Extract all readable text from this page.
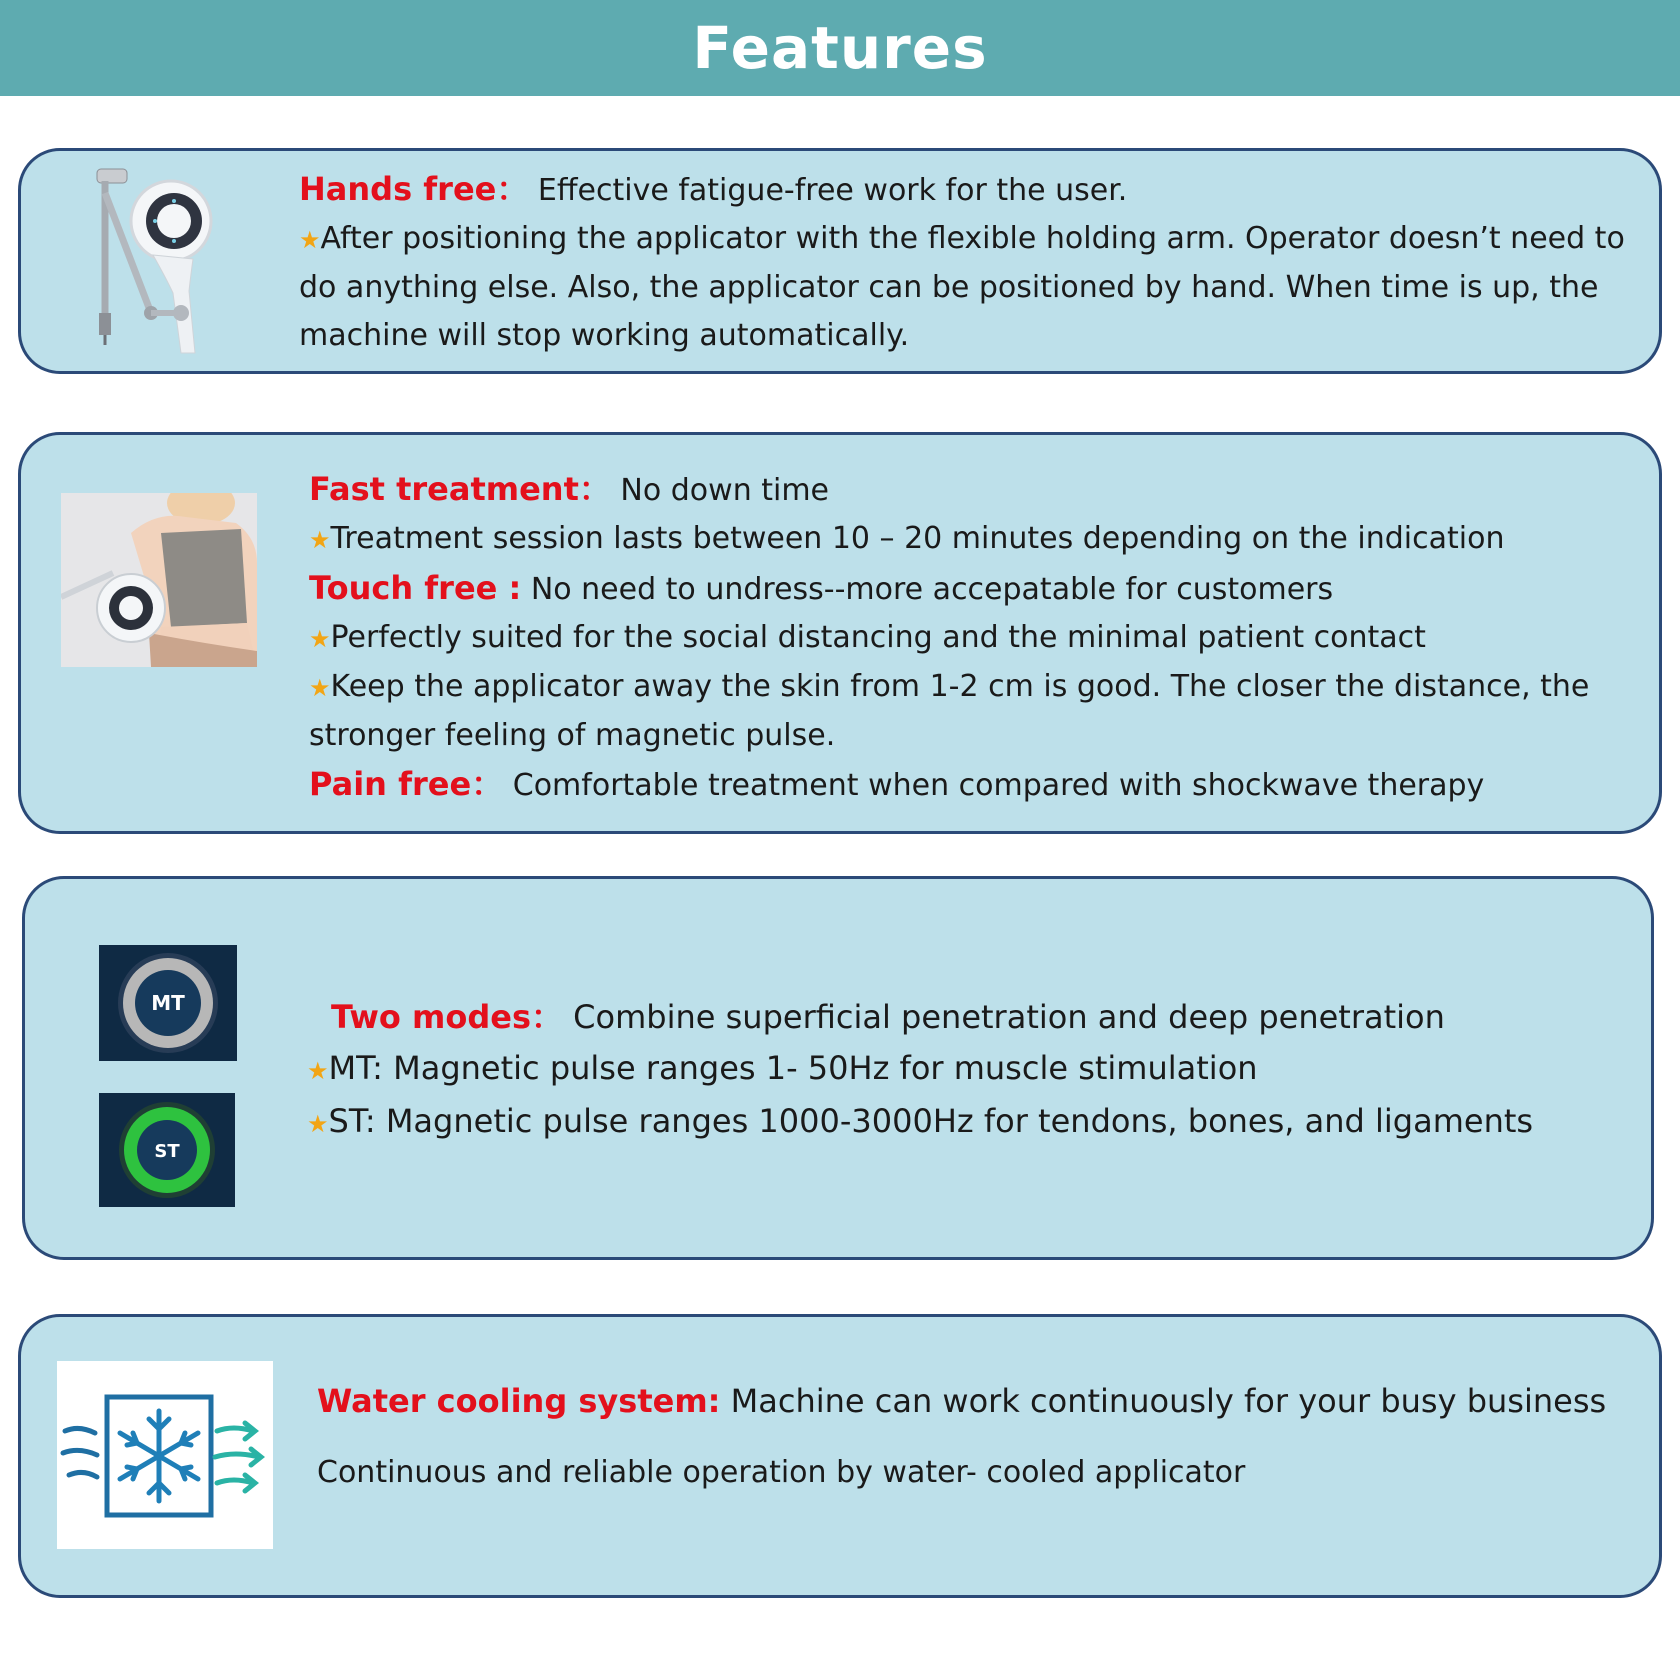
Features
Hands free： Effective fatigue-free work for the user.
★After positioning the applicator with the flexible holding arm. Operator doesn’t need to do anything else. Also, the applicator can be positioned by hand. When time is up, the machine will stop working automatically.
Fast treatment： No down time
★Treatment session lasts between 10 – 20 minutes depending on the indication
Touch free : No need to undress--more accepatable for customers
★Perfectly suited for the social distancing and the minimal patient contact
★Keep the applicator away the skin from 1-2 cm is good. The closer the distance, the stronger feeling of magnetic pulse.
Pain free： Comfortable treatment when compared with shockwave therapy
MT
ST
Two modes： Combine superficial penetration and deep penetration
★MT: Magnetic pulse ranges 1- 50Hz for muscle stimulation
★ST: Magnetic pulse ranges 1000-3000Hz for tendons, bones, and ligaments
Water cooling system: Machine can work continuously for your busy business
Continuous and reliable operation by water- cooled applicator
